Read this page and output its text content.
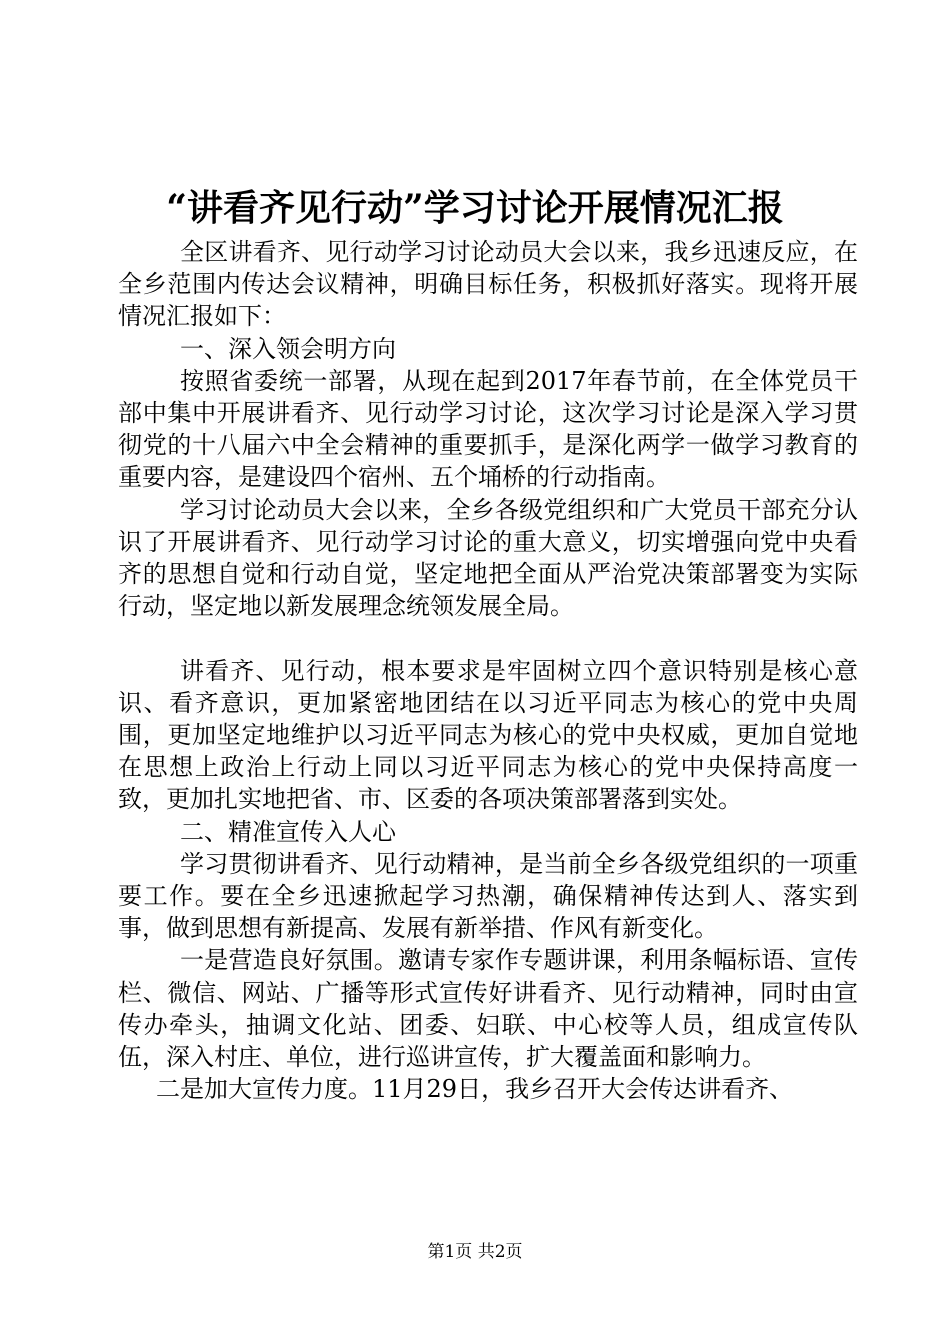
“讲看齐见行动”学习讨论开展情况汇报

全区讲看齐、见行动学习讨论动员大会以来，我乡迅速反应，在全乡范围内传达会议精神，明确目标任务，积极抓好落实。现将开展情况汇报如下：

一、深入领会明方向

按照省委统一部署，从现在起到2017年春节前，在全体党员干部中集中开展讲看齐、见行动学习讨论，这次学习讨论是深入学习贯彻党的十八届六中全会精神的重要抓手，是深化两学一做学习教育的重要内容，是建设四个宿州、五个埇桥的行动指南。

学习讨论动员大会以来，全乡各级党组织和广大党员干部充分认识了开展讲看齐、见行动学习讨论的重大意义，切实增强向党中央看齐的思想自觉和行动自觉，坚定地把全面从严治党决策部署变为实际行动，坚定地以新发展理念统领发展全局。

讲看齐、见行动，根本要求是牢固树立四个意识特别是核心意识、看齐意识，更加紧密地团结在以习近平同志为核心的党中央周围，更加坚定地维护以习近平同志为核心的党中央权威，更加自觉地在思想上政治上行动上同以习近平同志为核心的党中央保持高度一致，更加扎实地把省、市、区委的各项决策部署落到实处。

二、精准宣传入人心

学习贯彻讲看齐、见行动精神，是当前全乡各级党组织的一项重要工作。要在全乡迅速掀起学习热潮，确保精神传达到人、落实到事，做到思想有新提高、发展有新举措、作风有新变化。

一是营造良好氛围。邀请专家作专题讲课，利用条幅标语、宣传栏、微信、网站、广播等形式宣传好讲看齐、见行动精神，同时由宣传办牵头，抽调文化站、团委、妇联、中心校等人员，组成宣传队伍，深入村庄、单位，进行巡讲宣传，扩大覆盖面和影响力。

二是加大宣传力度。11月29日，我乡召开大会传达讲看齐、

第1页 共2页
